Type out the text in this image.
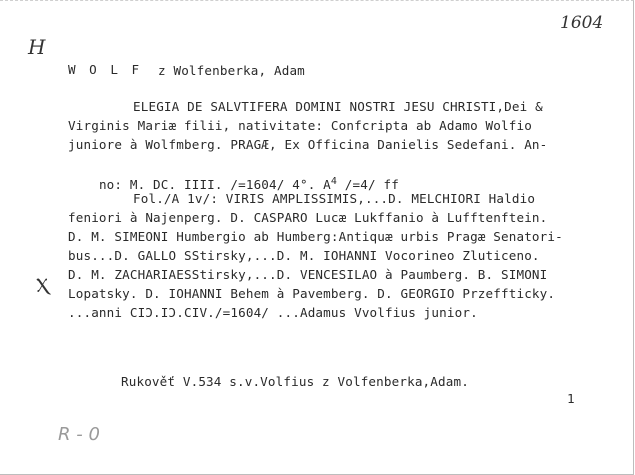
1604
H
W O L F z Wolfenberka, Adam
ELEGIA DE SALVTIFERA DOMINI NOSTRI JESU CHRISTI,Dei &
Virginis Mariæ filii, nativitate: Confcripta ab Adamo Wolfio
juniore à Wolfmberg. PRAGÆ, Ex Officina Danielis Sedefani. An-

no: M. DC. IIII. /=1604/ 4°. $A^4$ /=4/ ff

Fol./A 1v/: VIRIS AMPLISSIMIS,...D. MELCHIORI Haldio
feniori à Najenperg. D. CASPARO Lucæ Lukffanio à Lufftenftein.
D. M. SIMEONI Humbergio ab Humberg:Antiquæ urbis Pragæ Senatori-
bus...D. GALLO SStirsky,...D. M. IOHANNI Vocorineo Zluticeno.
D. M. ZACHARIAESStirsky,...D. VENCESILAO à Paumberg. B. SIMONI
Lopatsky. D. IOHANNI Behem à Pavemberg. D. GEORGIO Przeffticky.
...anni CIƆ.IƆ.CIV./=1604/ ...Adamus Vvolfius junior.
Ⲭ
Rukověť V.534 s.v.Volfius z Volfenberka,Adam.
1
R - 0
